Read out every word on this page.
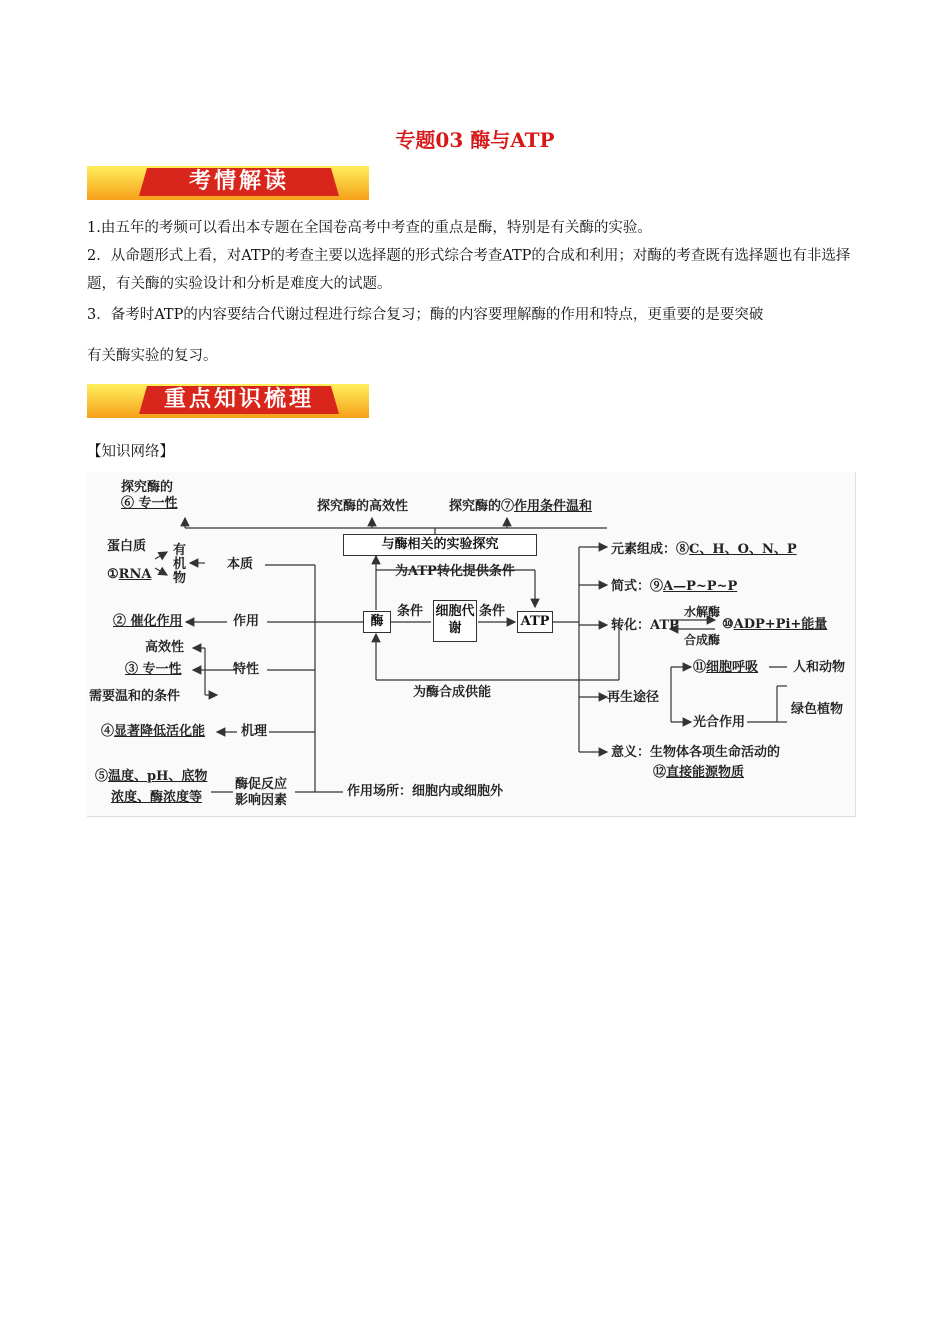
专题03 酶与ATP
考情解读
1.由五年的考频可以看出本专题在全国卷高考中考查的重点是酶，特别是有关酶的实验。
2．从命题形式上看，对ATP的考查主要以选择题的形式综合考查ATP的合成和利用；对酶的考查既有选择题也有非选择题，有关酶的实验设计和分析是难度大的试题。
3．备考时ATP的内容要结合代谢过程进行综合复习；酶的内容要理解酶的作用和特点，更重要的是要突破
有关酶实验的复习。
重点知识梳理
【知识网络】
探究酶的
⑥ 专一性	探究酶的高效性	探究酶的⑦作用条件温和
与酶相关的实验探究
蛋白质
①RNA
有机物
本质
② 催化作用	作用
高效性
③ 专一性	特性
需要温和的条件
④显著降低活化能	机理
⑤温度、pH、底物
浓度、酶浓度等
酶促反应
影响因素
作用场所：细胞内或细胞外
为ATP转化提供条件
酶
条件 细胞代谢
条件
ATP
为酶合成供能
元素组成：⑧C、H、O、N、P
简式：⑨A—P~P~P
转化：ATP
水解酶
合成酶
⑩ADP+Pi+能量
再生途径
⑪细胞呼吸	人和动物
光合作用
绿色植物
意义：生物体各项生命活动的
⑫直接能源物质
